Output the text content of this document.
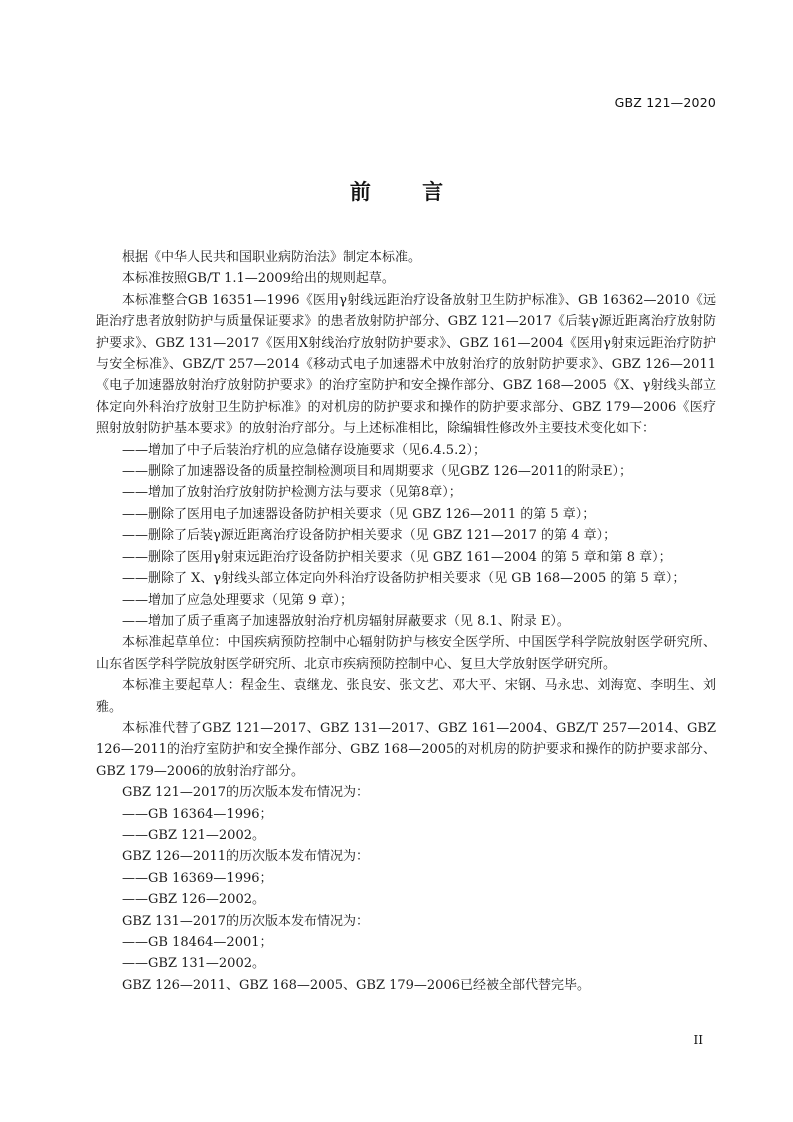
GBZ 121—2020
前 言

根据《中华人民共和国职业病防治法》制定本标准。

本标准按照GB/T 1.1—2009给出的规则起草。

本标准整合GB 16351—1996《医用γ射线远距治疗设备放射卫生防护标准》、GB 16362—2010《远距治疗患者放射防护与质量保证要求》的患者放射防护部分、GBZ 121—2017《后装γ源近距离治疗放射防护要求》、GBZ 131—2017《医用X射线治疗放射防护要求》、GBZ 161—2004《医用γ射束远距治疗防护与安全标准》、GBZ/T 257—2014《移动式电子加速器术中放射治疗的放射防护要求》、GBZ 126—2011《电子加速器放射治疗放射防护要求》的治疗室防护和安全操作部分、GBZ 168—2005《X、γ射线头部立体定向外科治疗放射卫生防护标准》的对机房的防护要求和操作的防护要求部分、GBZ 179—2006《医疗照射放射防护基本要求》的放射治疗部分。与上述标准相比，除编辑性修改外主要技术变化如下：

——增加了中子后装治疗机的应急储存设施要求（见6.4.5.2）；

——删除了加速器设备的质量控制检测项目和周期要求（见GBZ 126—2011的附录E）；

——增加了放射治疗放射防护检测方法与要求（见第8章）；

——删除了医用电子加速器设备防护相关要求（见 GBZ 126—2011 的第 5 章）；

——删除了后装γ源近距离治疗设备防护相关要求（见 GBZ 121—2017 的第 4 章）；

——删除了医用γ射束远距治疗设备防护相关要求（见 GBZ 161—2004 的第 5 章和第 8 章）；

——删除了 X、γ射线头部立体定向外科治疗设备防护相关要求（见 GB 168—2005 的第 5 章）；

——增加了应急处理要求（见第 9 章）；

——增加了质子重离子加速器放射治疗机房辐射屏蔽要求（见 8.1、附录 E）。

本标准起草单位：中国疾病预防控制中心辐射防护与核安全医学所、中国医学科学院放射医学研究所、山东省医学科学院放射医学研究所、北京市疾病预防控制中心、复旦大学放射医学研究所。

本标准主要起草人：程金生、袁继龙、张良安、张文艺、邓大平、宋钢、马永忠、刘海宽、李明生、刘雅。

本标准代替了GBZ 121—2017、GBZ 131—2017、GBZ 161—2004、GBZ/T 257—2014、GBZ 126—2011的治疗室防护和安全操作部分、GBZ 168—2005的对机房的防护要求和操作的防护要求部分、GBZ 179—2006的放射治疗部分。

GBZ 121—2017的历次版本发布情况为：

——GB 16364—1996；

——GBZ 121—2002。

GBZ 126—2011的历次版本发布情况为：

——GB 16369—1996；

——GBZ 126—2002。

GBZ 131—2017的历次版本发布情况为：

——GB 18464—2001；

——GBZ 131—2002。

GBZ 126—2011、GBZ 168—2005、GBZ 179—2006已经被全部代替完毕。

II
